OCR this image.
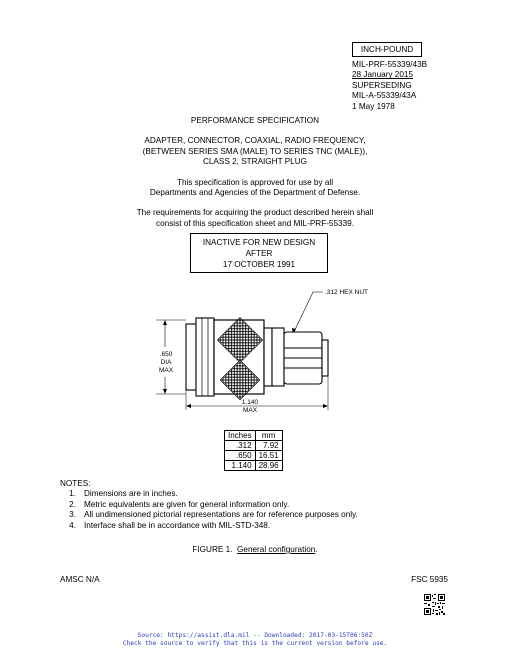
INCH-POUND
MIL-PRF-55339/43B
28 January 2015
SUPERSEDING
MIL-A-55339/43A
1 May 1978
PERFORMANCE SPECIFICATION
ADAPTER, CONNECTOR, COAXIAL, RADIO FREQUENCY,
(BETWEEN SERIES SMA (MALE) TO SERIES TNC (MALE)),
CLASS 2, STRAIGHT PLUG
This specification is approved for use by all
Departments and Agencies of the Department of Defense.
The requirements for acquiring the product described herein shall
consist of this specification sheet and MIL-PRF-55339.
INACTIVE FOR NEW DESIGN
AFTER
17 OCTOBER 1991
.312 HEX NUT
.650
DIA
MAX
1.140
MAX
Inches	mm
.312	7.92
.650	16.51
1.140	28.96
NOTES:
1. Dimensions are in inches.
2. Metric equivalents are given for general information only.
3. All undimensioned pictorial representations are for reference purposes only.
4. Interface shall be in accordance with MIL-STD-348.
FIGURE 1. General configuration.
AMSC N/A	FSC 5935
Source: https://assist.dla.mil -- Downloaded: 2017-03-15T06:50Z
Check the source to verify that this is the current version before use.
